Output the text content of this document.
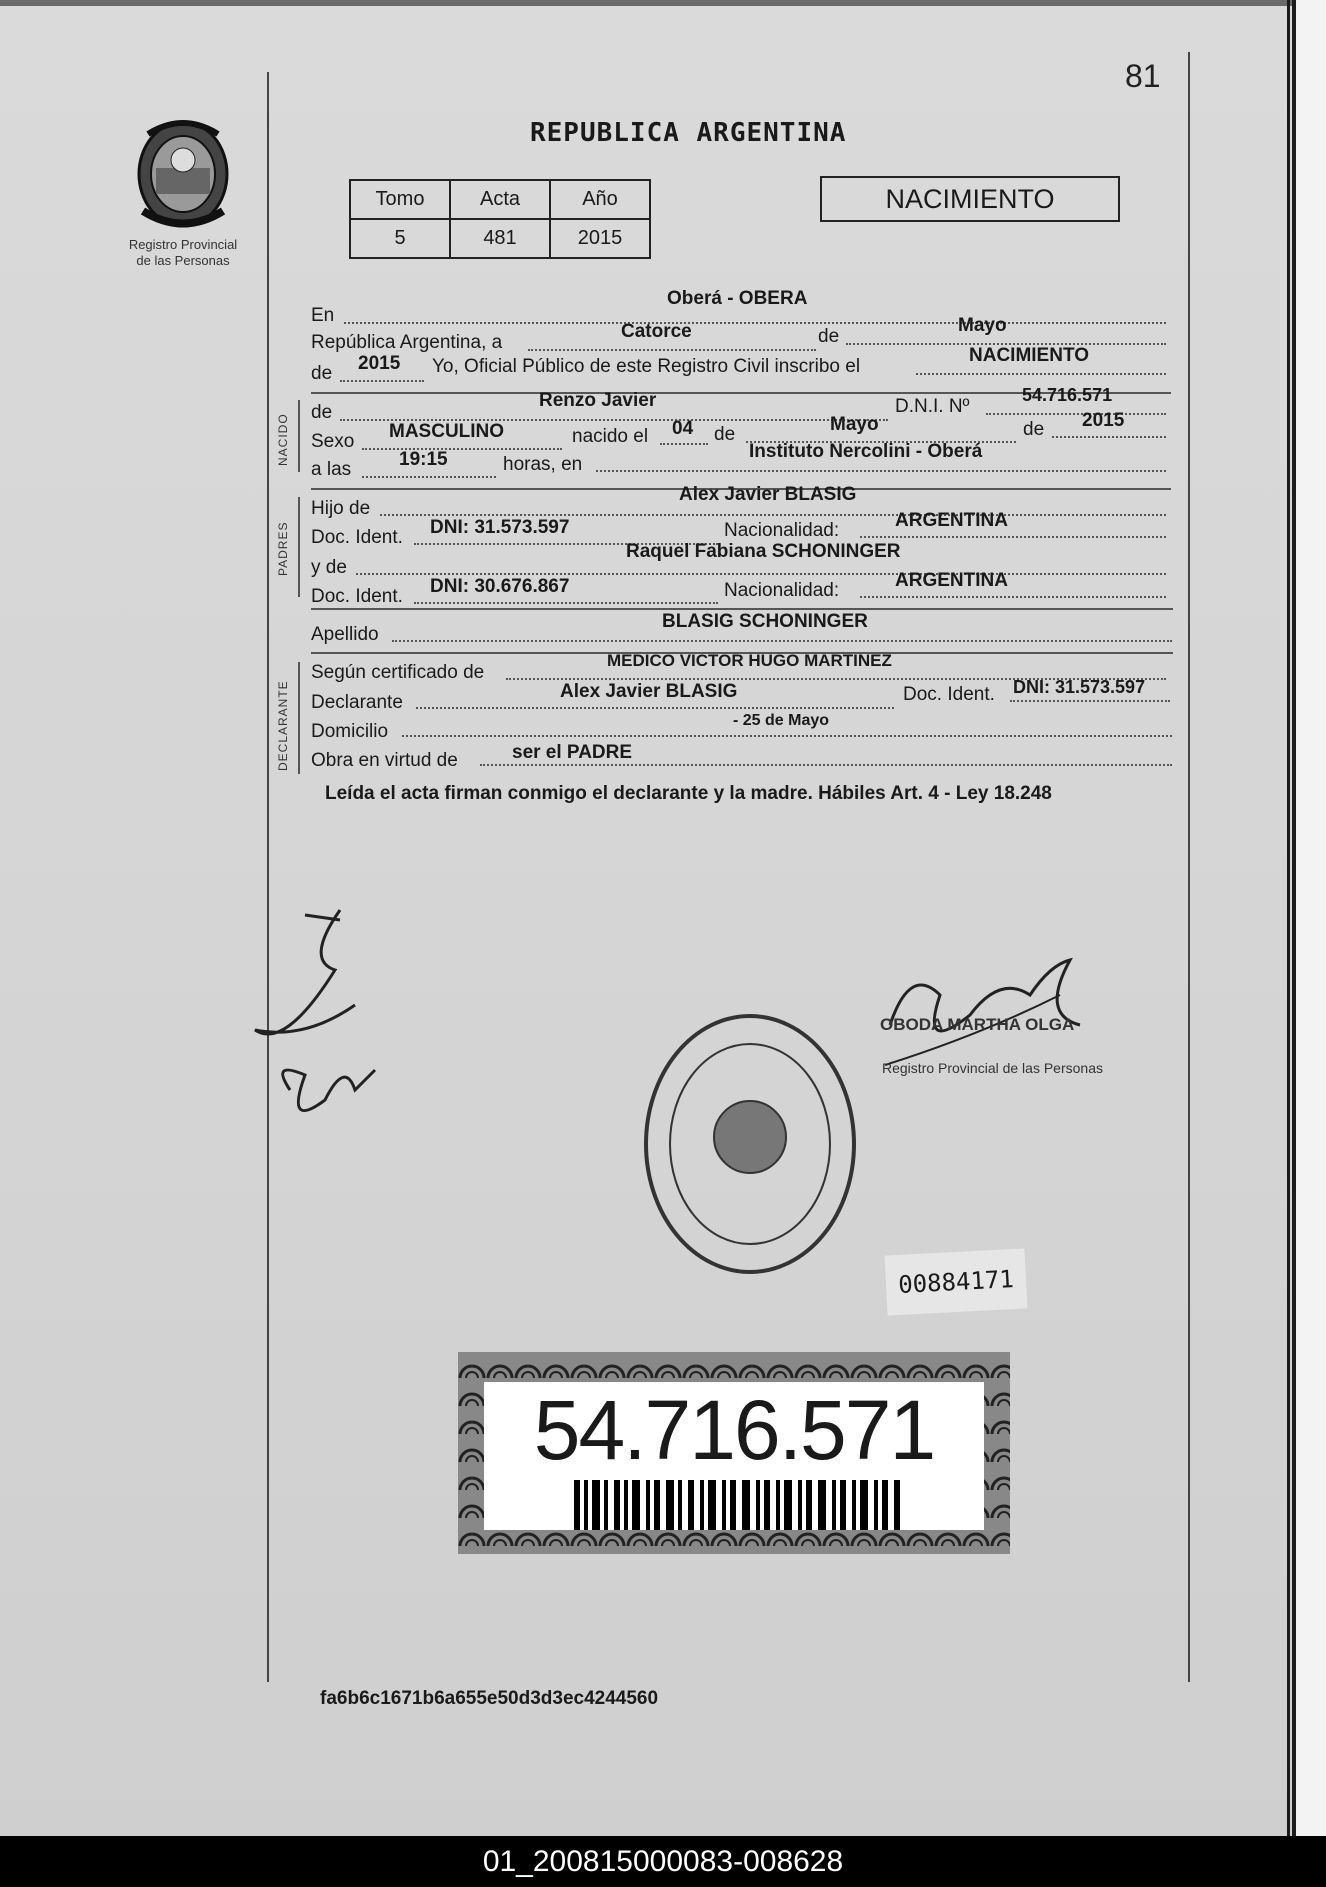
81
Registro Provincial
de las Personas
REPUBLICA ARGENTINA
Tomo	Acta	Año
5	481	2015
NACIMIENTO
En
Oberá - OBERA
República Argentina, a
Catorce	de
Mayo
de 2015 Yo, Oficial Público de este Registro Civil inscribo el
NACIMIENTO
NACIDO
de
Renzo Javier	D.N.I. Nº
54.716.571
Sexo MASCULINO	nacido el 04 de	Mayo	de 2015
a las	19:15	horas, en
Instituto Nercolini - Oberá
PADRES
Hijo de
Alex Javier BLASIG
Doc. Ident. DNI: 31.573.597	Nacionalidad:	ARGENTINA
y de
Raquel Fabiana SCHONINGER
Doc. Ident. DNI: 30.676.867	Nacionalidad:	ARGENTINA
Apellido
BLASIG SCHONINGER
DECLARANTE
Según certificado de
MEDICO VICTOR HUGO MARTINEZ
Declarante
Alex Javier BLASIG	Doc. Ident. DNI: 31.573.597
Domicilio
- 25 de Mayo
Obra en virtud de	ser el PADRE
Leída el acta firman conmigo el declarante y la madre. Hábiles Art. 4 - Ley 18.248
OBODA MARTHA OLGA
Registro Provincial de las Personas
00884171
54.716.571
fa6b6c1671b6a655e50d3d3ec4244560
01_200815000083-008628
